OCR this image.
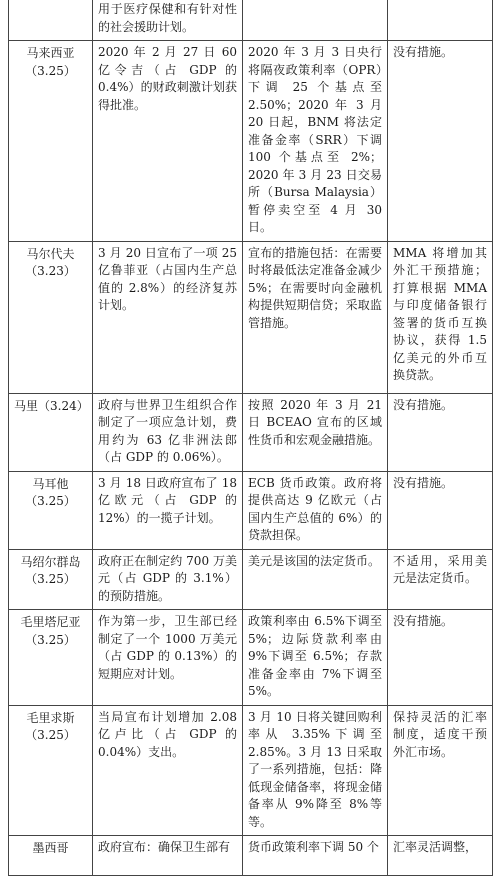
	用于医疗保健和有针对性的社会援助计划。		

马来西亚
（3.25）	2020 年 2 月 27 日 60 亿令吉（占 GDP 的 0.4%）的财政刺激计划获得批准。	2020 年 3 月 3 日央行将隔夜政策利率（OPR）下调 25 个基点至 2.50%；2020 年 3 月 20 日起，BNM 将法定准备金率（SRR）下调 100 个基点至 2%；2020 年 3 月 23 日交易所（Bursa Malaysia）暂停卖空至 4 月 30 日。	没有措施。

马尔代夫
（3.23）	3 月 20 日宣布了一项 25 亿鲁菲亚（占国内生产总值的 2.8%）的经济复苏计划。	宣布的措施包括：在需要时将最低法定准备金减少 5%；在需要时向金融机构提供短期信贷；采取监管措施。	MMA 将增加其外汇干预措施；打算根据 MMA 与印度储备银行签署的货币互换协议，获得 1.5 亿美元的外币互换贷款。

马里（3.24）	政府与世界卫生组织合作制定了一项应急计划，费用约为 63 亿非洲法郎（占 GDP 的 0.06%）。	按照 2020 年 3 月 21 日 BCEAO 宣布的区域性货币和宏观金融措施。	没有措施。

马耳他
（3.25）	3 月 18 日政府宣布了 18 亿欧元（占 GDP 的 12%）的一揽子计划。	ECB 货币政策。政府将提供高达 9 亿欧元（占国内生产总值的 6%）的贷款担保。	没有措施。

马绍尔群岛
（3.25）	政府正在制定约 700 万美元（占 GDP 的 3.1%）的预防措施。	美元是该国的法定货币。	不适用，采用美元是法定货币。

毛里塔尼亚
（3.25）	作为第一步，卫生部已经制定了一个 1000 万美元（占 GDP 的 0.13%）的短期应对计划。	政策利率由 6.5%下调至 5%；边际贷款利率由 9%下调至 6.5%；存款准备金率由 7%下调至 5%。	没有措施。

毛里求斯
（3.25）	当局宣布计划增加 2.08 亿卢比（占 GDP 的 0.04%）支出。	3 月 10 日将关键回购利率从 3.35%下调至 2.85%。3 月 13 日采取了一系列措施，包括：降低现金储备率，将现金储备率从 9%降至 8%等等。	保持灵活的汇率制度，适度干预外汇市场。

墨西哥	政府宣布：确保卫生部有	货币政策利率下调 50 个	汇率灵活调整，
